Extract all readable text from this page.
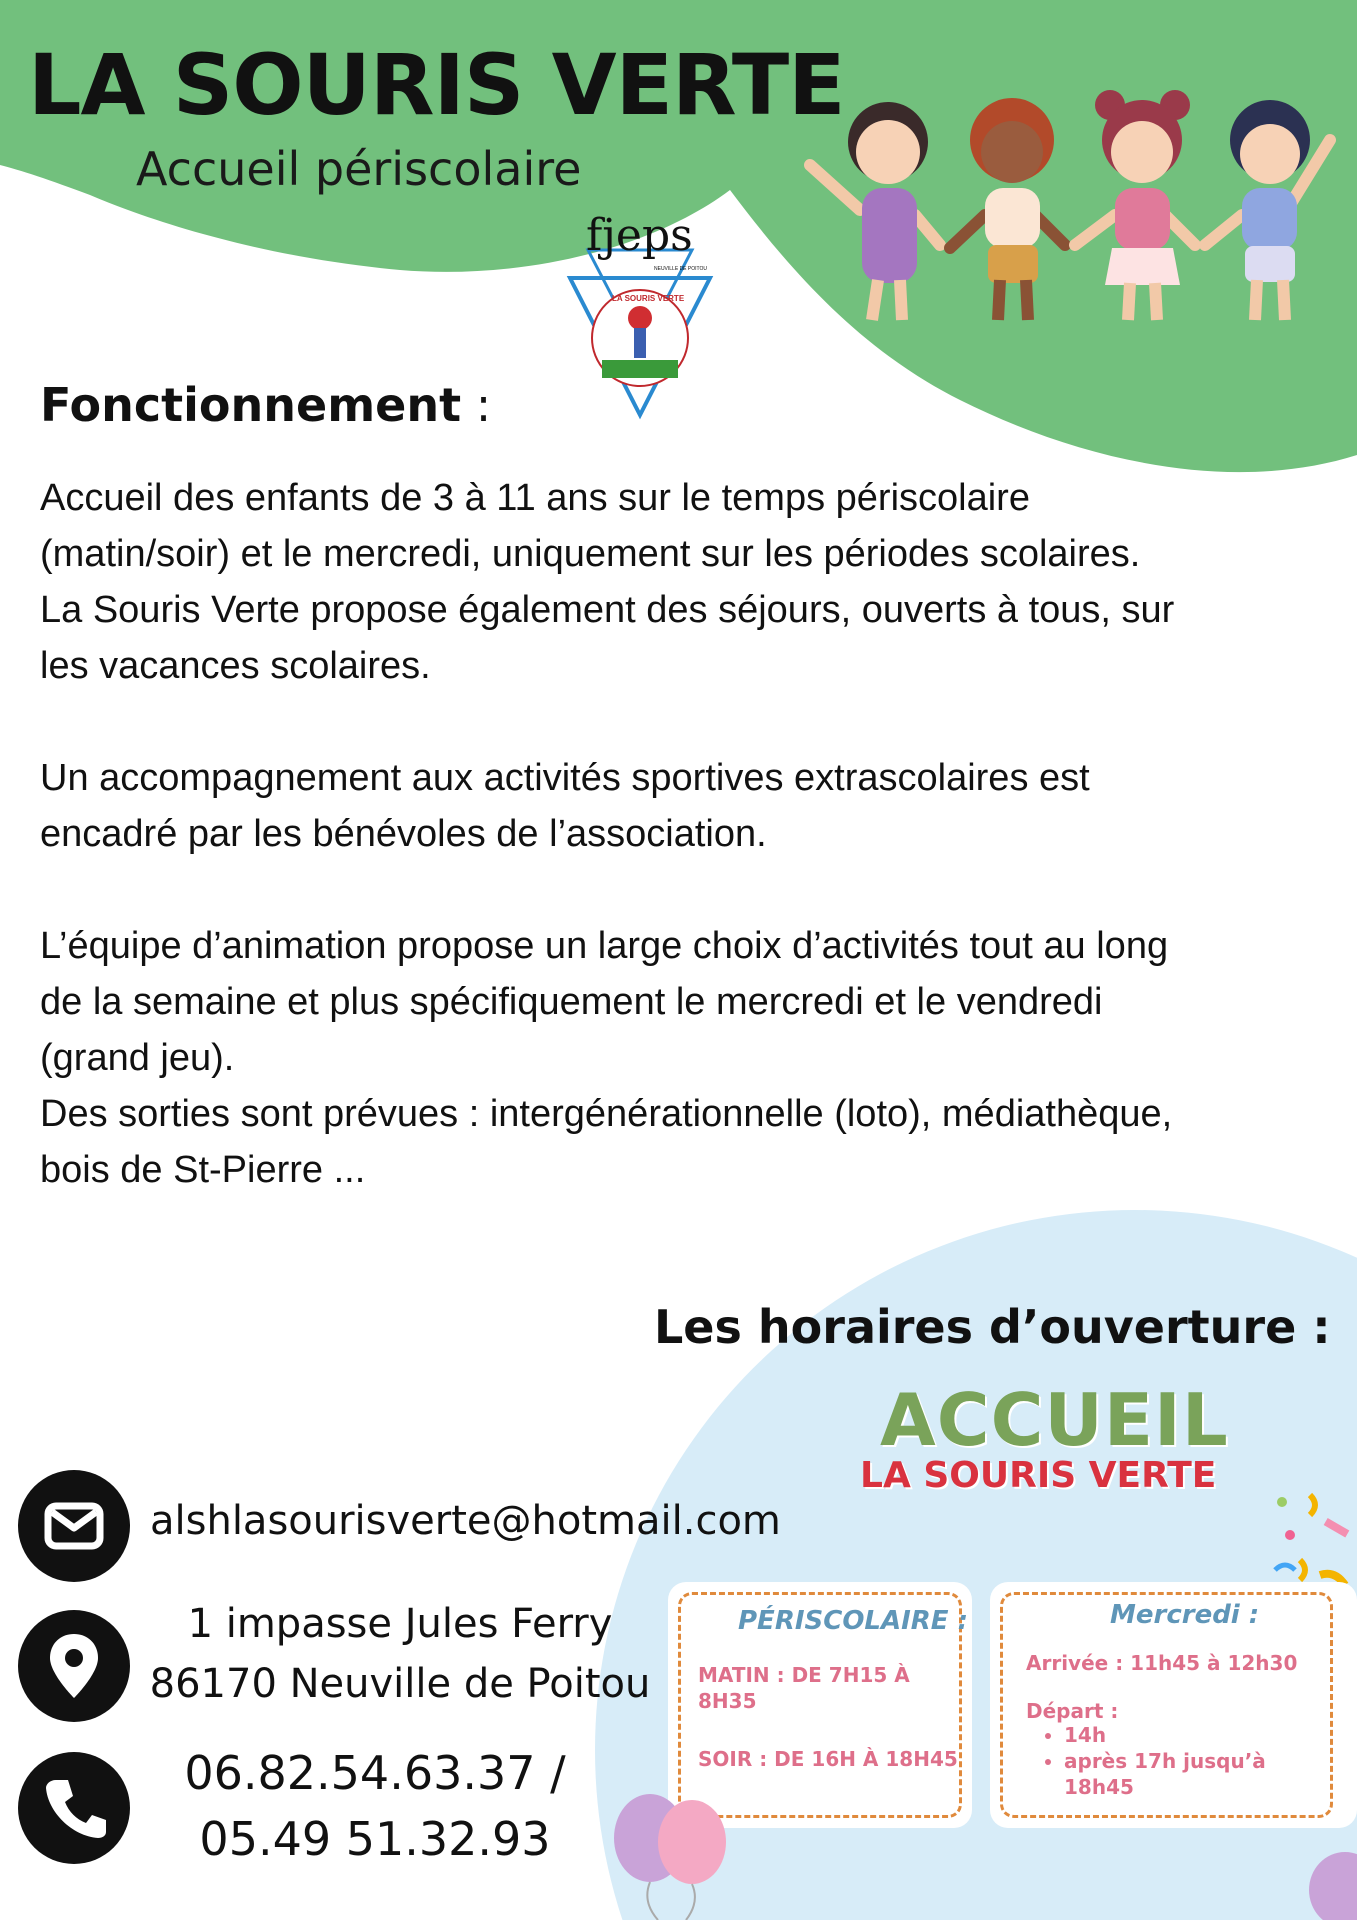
LA SOURIS VERTE
Accueil périscolaire
fjeps
NEUVILLE DE POITOU
LA SOURIS VERTE
Fonctionnement :

Accueil des enfants de 3 à 11 ans sur le temps périscolaire (matin/soir) et le mercredi, uniquement sur les périodes scolaires.

La Souris Verte propose également des séjours, ouverts à tous, sur les vacances scolaires.

Un accompagnement aux activités sportives extrascolaires est encadré par les bénévoles de l’association.

L’équipe d’animation propose un large choix d’activités tout au long de la semaine et plus spécifiquement le mercredi et le vendredi (grand jeu).

Des sorties sont prévues : intergénérationnelle (loto), médiathèque, bois de St-Pierre ...

Les horaires d’ouverture :
ACCUEIL
LA SOURIS VERTE
PÉRISCOLAIRE :
MATIN : DE 7H15 À 8H35
SOIR : DE 16H À 18H45
Mercredi :
Arrivée : 11h45 à 12h30
Départ :
• 14h
• après 17h jusqu’à 18h45
alshlasourisverte@hotmail.com
1 impasse Jules Ferry
86170 Neuville de Poitou
06.82.54.63.37 /
05.49 51.32.93
